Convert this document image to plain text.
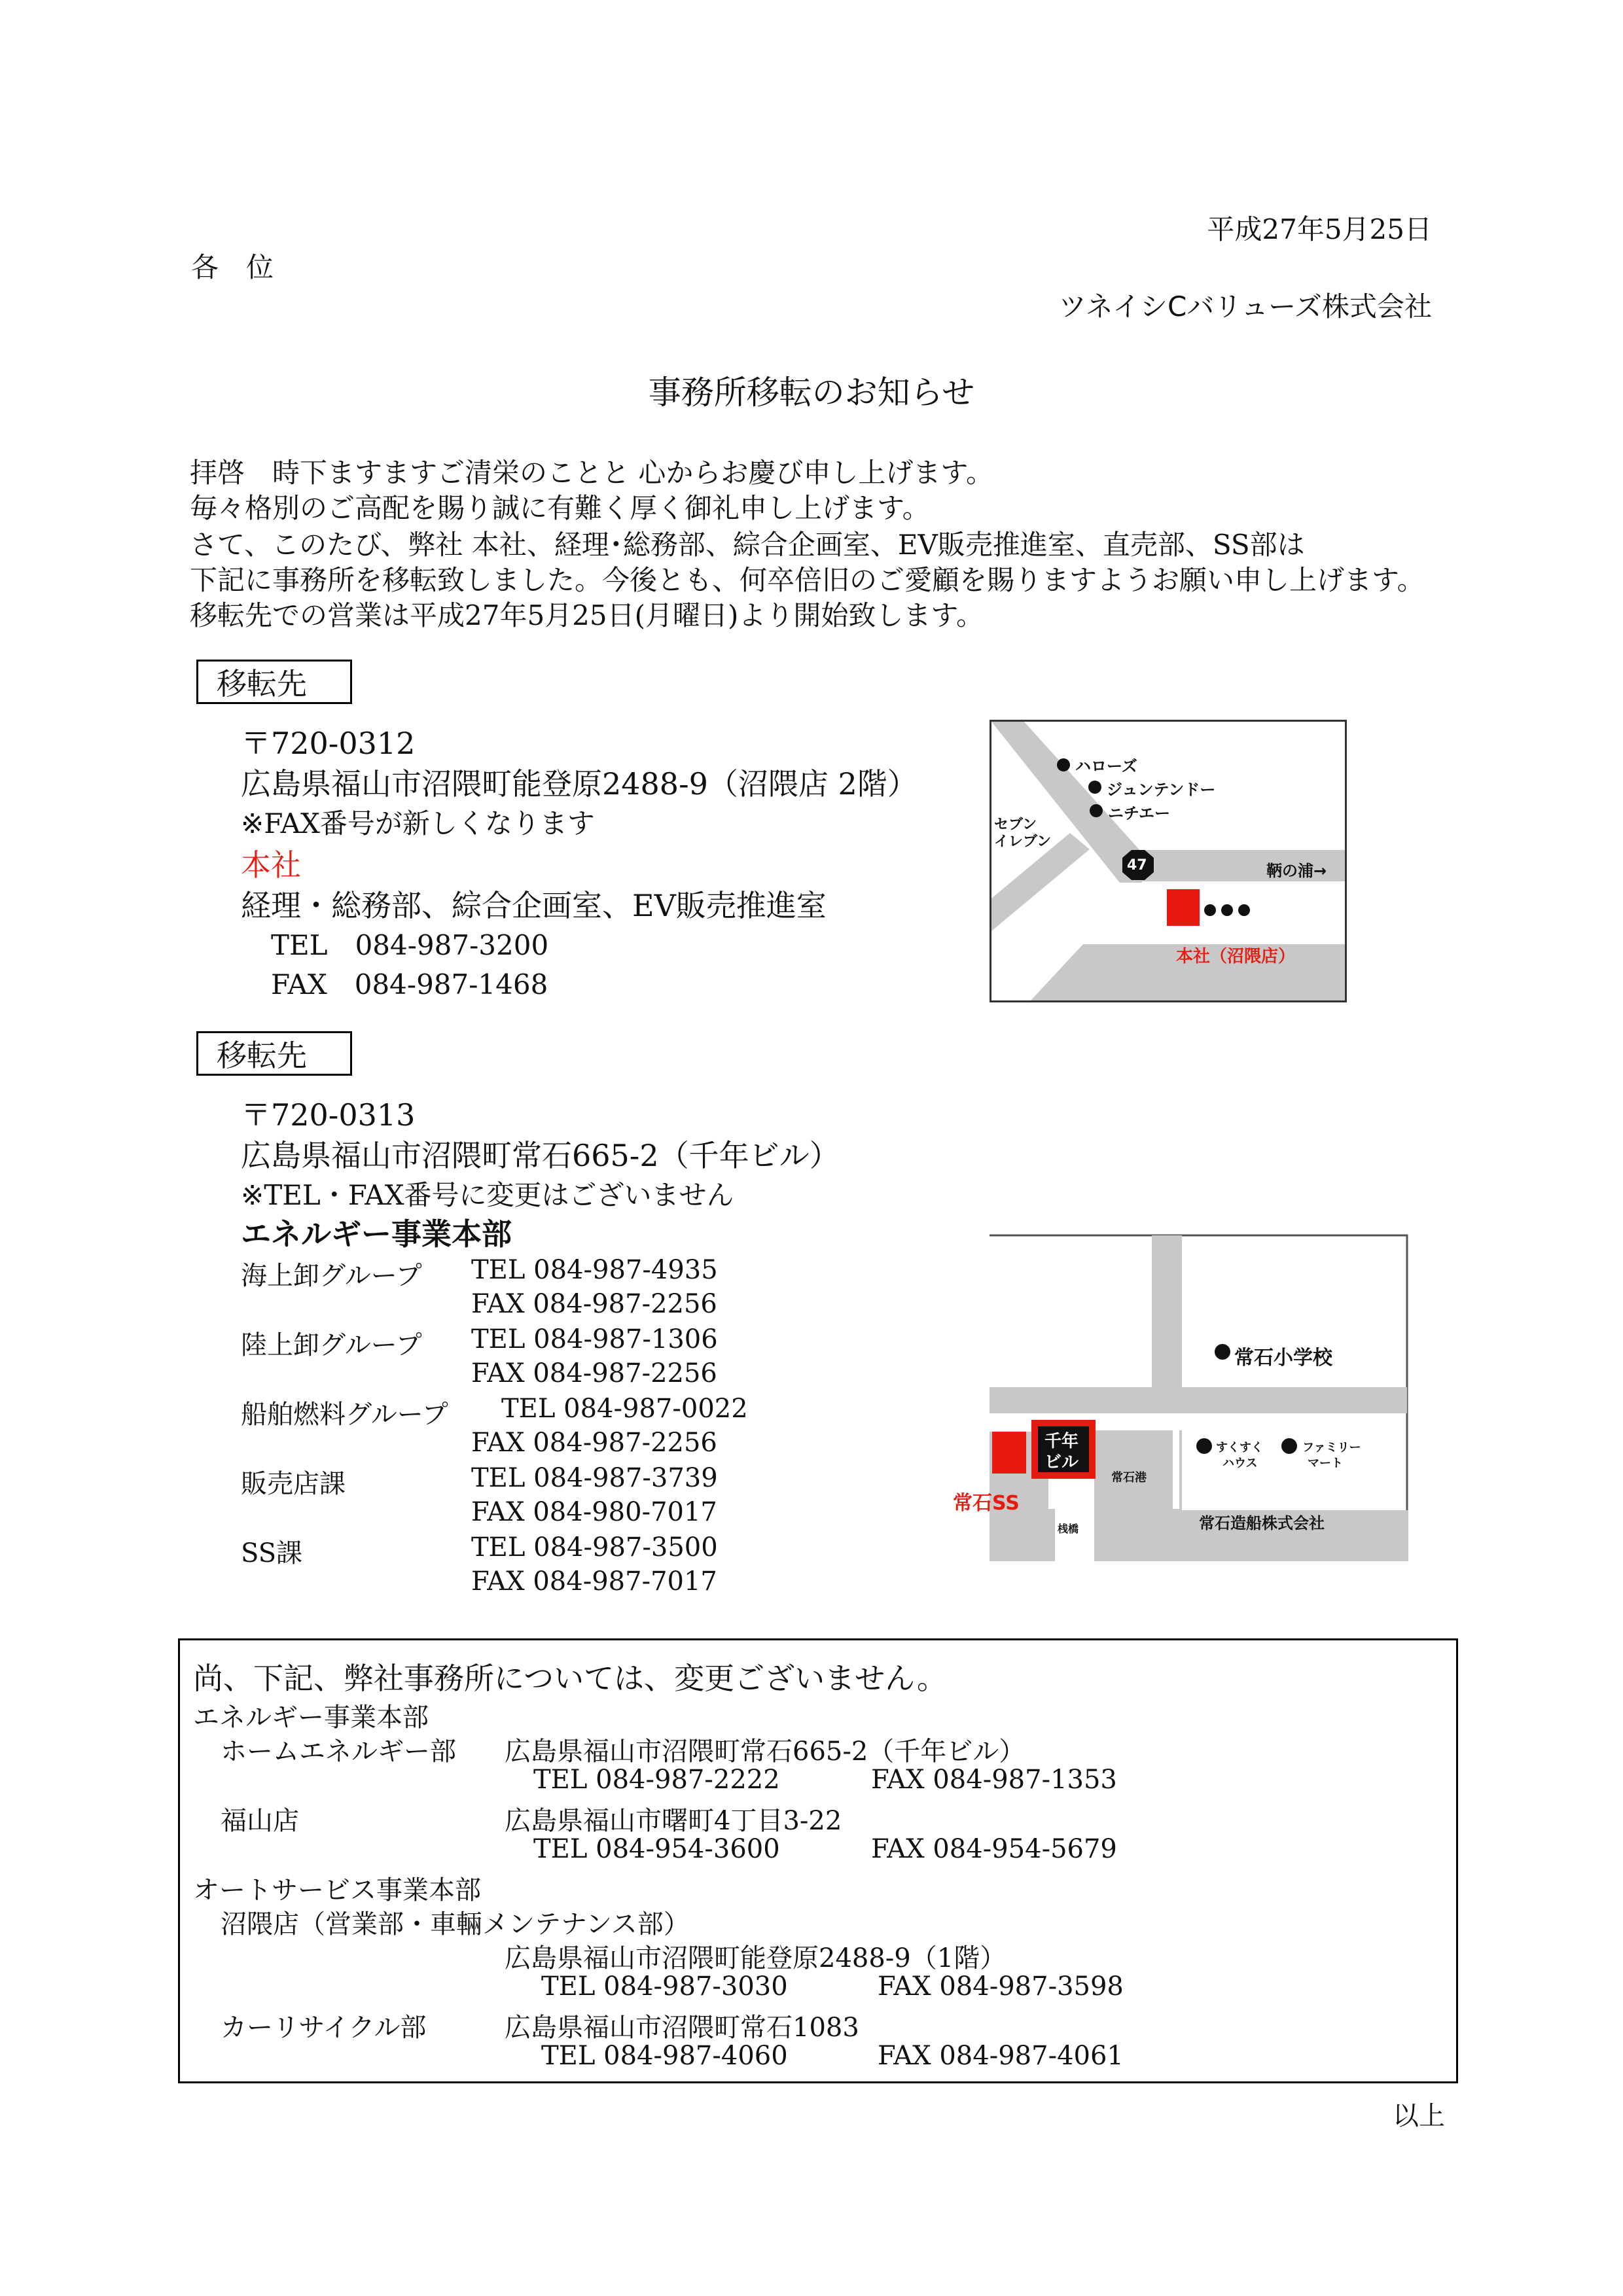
平成27年5月25日
各　位
ツネイシCバリューズ株式会社
事務所移転のお知らせ
拝啓　時下ますますご清栄のことと 心からお慶び申し上げます。
毎々格別のご高配を賜り誠に有難く厚く御礼申し上げます。
さて、このたび、弊社 本社、経理･総務部、綜合企画室、EV販売推進室、直売部、SS部は
下記に事務所を移転致しました。今後とも、何卒倍旧のご愛顧を賜りますようお願い申し上げます。
移転先での営業は平成27年5月25日(月曜日)より開始致します。
移転先
〒720-0312
広島県福山市沼隈町能登原2488-9（沼隈店 2階）
※FAX番号が新しくなります
本社
経理・総務部、綜合企画室、EV販売推進室
TEL　084-987-3200
FAX　084-987-1468
ハローズ
ジュンテンドー
ニチエー
セブン
イレブン
47	鞆の浦→
本社（沼隈店）
移転先
〒720-0313
広島県福山市沼隈町常石665-2（千年ビル）
※TEL・FAX番号に変更はございません
エネルギー事業本部
海上卸グループ TEL 084-987-4935
FAX 084-987-2256
陸上卸グループ TEL 084-987-1306
FAX 084-987-2256
船舶燃料グループ TEL 084-987-0022
FAX 084-987-2256
販売店課	TEL 084-987-3739
FAX 084-980-7017
SS課	TEL 084-987-3500
FAX 084-987-7017
常石小学校
すくすく
ハウス
ファミリー
マート
千年
ビル
常石SS
常石港
桟橋	常石造船株式会社
尚、下記、弊社事務所については、変更ございません。
エネルギー事業本部
ホームエネルギー部 広島県福山市沼隈町常石665-2（千年ビル）
TEL 084-987-2222	FAX 084-987-1353
福山店	広島県福山市曙町4丁目3-22
TEL 084-954-3600	FAX 084-954-5679
オートサービス事業本部
沼隈店（営業部・車輛メンテナンス部）
広島県福山市沼隈町能登原2488-9（1階）
TEL 084-987-3030	FAX 084-987-3598
カーリサイクル部	広島県福山市沼隈町常石1083
TEL 084-987-4060	FAX 084-987-4061
以上
